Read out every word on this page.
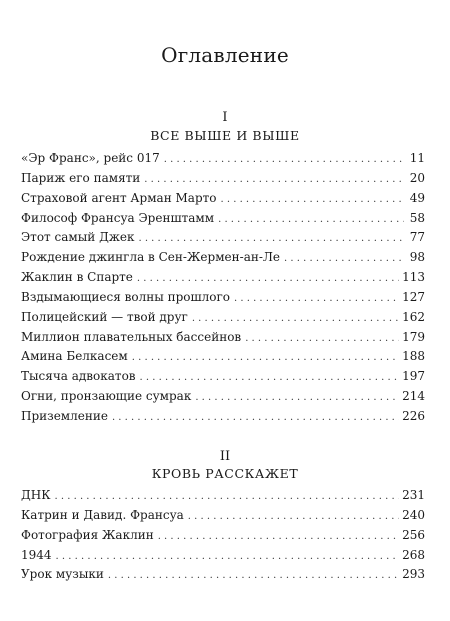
Оглавление
I
ВСЕ ВЫШЕ И ВЫШЕ
«Эр Франс», рейс 017 . . .	11
Париж его памяти . . .	20
Страховой агент Арман Марто . . .	49
Философ Франсуа Эренштамм . . .	58
Этот самый Джек . . .	77
Рождение джингла в Сен-Жермен-ан-Ле . . .	98
Жаклин в Спарте . . .	113
Вздымающиеся волны прошлого . . .	127
Полицейский — твой друг . . .	162
Миллион плавательных бассейнов . . .	179
Амина Белкасем . . .	188
Тысяча адвокатов . . .	197
Огни, пронзающие сумрак . . .	214
Приземление . . .	226
II
КРОВЬ РАССКАЖЕТ
ДНК . . .	231
Катрин и Давид. Франсуа . . .	240
Фотография Жаклин . . .	256
1944 . . .	268
Урок музыки . . .	293
